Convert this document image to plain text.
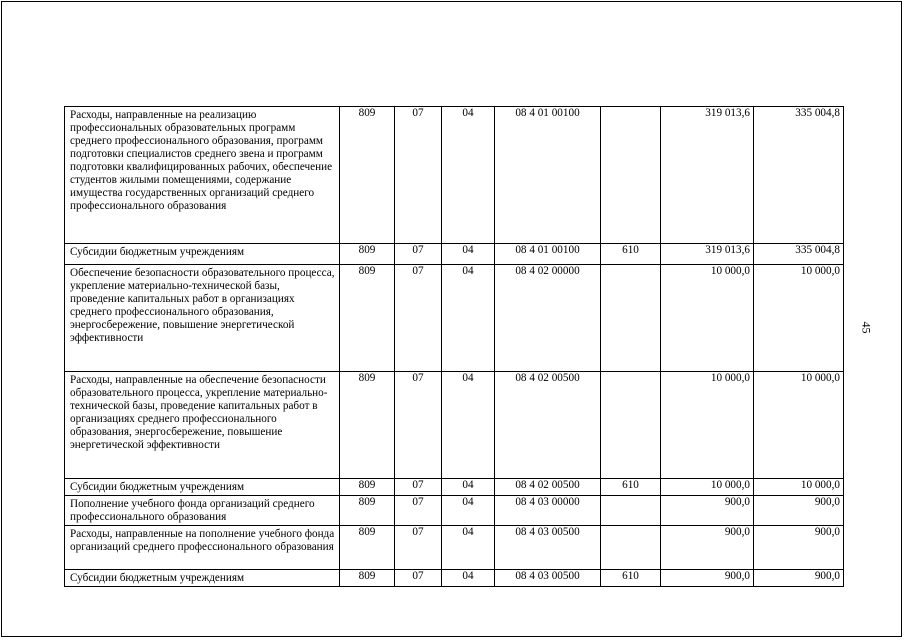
45
Расходы, направленные на реализацию профессиональных образовательных программ среднего профессионального образования, программ подготовки специалистов среднего звена и программ подготовки квалифицированных рабочих, обеспечение студентов жилыми помещениями, содержание имущества государственных организаций среднего профессионального образования	809	07	04	08 4 01 00100		319 013,6	335 004,8
Субсидии бюджетным учреждениям	809	07	04	08 4 01 00100	610	319 013,6	335 004,8
Обеспечение безопасности образовательного процесса, укрепление материально-технической базы, проведение капитальных работ в организациях среднего профессионального образования, энергосбережение, повышение энергетической эффективности	809	07	04	08 4 02 00000		10 000,0	10 000,0
Расходы, направленные на обеспечение безопасности образовательного процесса, укрепление материально-технической базы, проведение капитальных работ в организациях среднего профессионального образования, энергосбережение, повышение энергетической эффективности	809	07	04	08 4 02 00500		10 000,0	10 000,0
Субсидии бюджетным учреждениям	809	07	04	08 4 02 00500	610	10 000,0	10 000,0
Пополнение учебного фонда организаций среднего профессионального образования	809	07	04	08 4 03 00000		900,0	900,0
Расходы, направленные на пополнение учебного фонда организаций среднего профессионального образования	809	07	04	08 4 03 00500		900,0	900,0
Субсидии бюджетным учреждениям	809	07	04	08 4 03 00500	610	900,0	900,0
